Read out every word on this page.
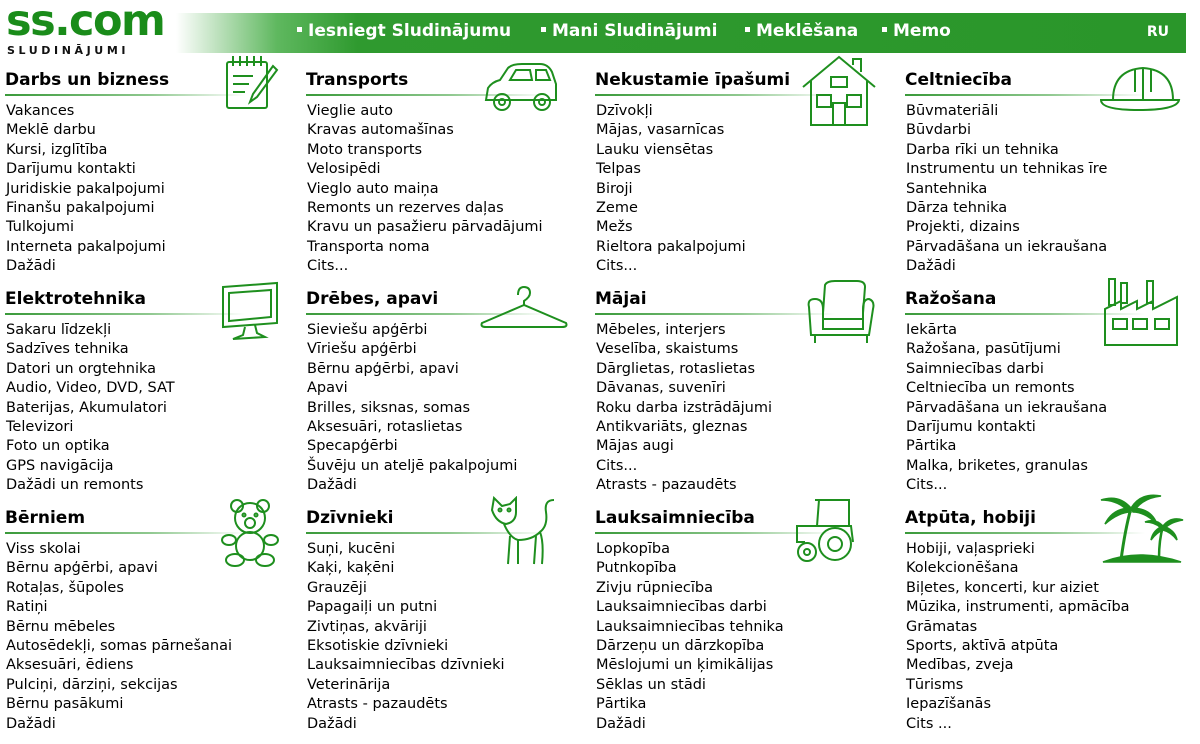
ss.com
SLUDINĀJUMI
Iesniegt Sludinājumu	Mani Sludinājumi	Meklēšana	Memo	RU
Darbs un bizness
Vakances
Meklē darbu
Kursi, izglītība
Darījumu kontakti
Juridiskie pakalpojumi
Finanšu pakalpojumi
Tulkojumi
Interneta pakalpojumi
Dažādi
Transports
Vieglie auto
Kravas automašīnas
Moto transports
Velosipēdi
Vieglo auto maiņa
Remonts un rezerves daļas
Kravu un pasažieru pārvadājumi
Transporta noma
Cits...
Nekustamie īpašumi
Dzīvokļi
Mājas, vasarnīcas
Lauku viensētas
Telpas
Biroji
Zeme
Mežs
Rieltora pakalpojumi
Cits...
Celtniecība
Būvmateriāli
Būvdarbi
Darba rīki un tehnika
Instrumentu un tehnikas īre
Santehnika
Dārza tehnika
Projekti, dizains
Pārvadāšana un iekraušana
Dažādi
Elektrotehnika
Sakaru līdzekļi
Sadzīves tehnika
Datori un orgtehnika
Audio, Video, DVD, SAT
Baterijas, Akumulatori
Televizori
Foto un optika
GPS navigācija
Dažādi un remonts
Drēbes, apavi
Sieviešu apģērbi
Vīriešu apģērbi
Bērnu apģērbi, apavi
Apavi
Brilles, siksnas, somas
Aksesuāri, rotaslietas
Specapģērbi
Šuvēju un ateljē pakalpojumi
Dažādi
Mājai
Mēbeles, interjers
Veselība, skaistums
Dārglietas, rotaslietas
Dāvanas, suvenīri
Roku darba izstrādājumi
Antikvariāts, gleznas
Mājas augi
Cits...
Atrasts - pazaudēts
Ražošana
Iekārta
Ražošana, pasūtījumi
Saimniecības darbi
Celtniecība un remonts
Pārvadāšana un iekraušana
Darījumu kontakti
Pārtika
Malka, briketes, granulas
Cits...
Bērniem
Viss skolai
Bērnu apģērbi, apavi
Rotaļas, šūpoles
Ratiņi
Bērnu mēbeles
Autosēdekļi, somas pārnešanai
Aksesuāri, ēdiens
Pulciņi, dārziņi, sekcijas
Bērnu pasākumi
Dažādi
Dzīvnieki
Suņi, kucēni
Kaķi, kaķēni
Grauzēji
Papagaiļi un putni
Zivtiņas, akvāriji
Eksotiskie dzīvnieki
Lauksaimniecības dzīvnieki
Veterinārija
Atrasts - pazaudēts
Dažādi
Lauksaimniecība
Lopkopība
Putnkopība
Zivju rūpniecība
Lauksaimniecības darbi
Lauksaimniecības tehnika
Dārzeņu un dārzkopība
Mēslojumi un ķimikālijas
Sēklas un stādi
Pārtika
Dažādi
Atpūta, hobiji
Hobiji, vaļasprieki
Kolekcionēšana
Biļetes, koncerti, kur aiziet
Mūzika, instrumenti, apmācība
Grāmatas
Sports, aktīvā atpūta
Medības, zveja
Tūrisms
Iepazīšanās
Cits ...
